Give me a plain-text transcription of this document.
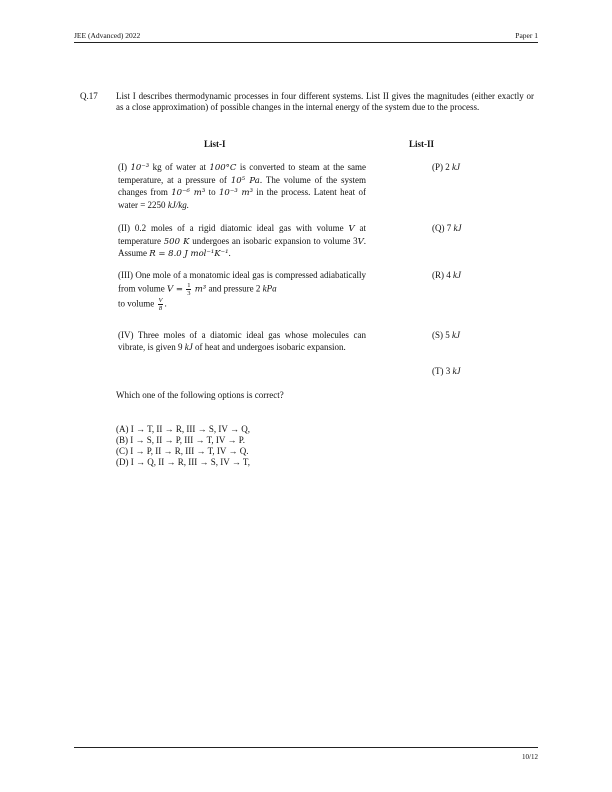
JEE (Advanced) 2022	Paper 1
Q.17 List I describes thermodynamic processes in four different systems. List II gives the magnitudes (either exactly or as a close approximation) of possible changes in the internal energy of the system due to the process.
List-I	List-II
(I) 10⁻³ kg of water at 100°C is converted to steam at the same temperature, at a pressure of 10⁵ Pa. The volume of the system changes from 10⁻⁶ m³ to 10⁻³ m³ in the process. Latent heat of water = 2250 kJ/kg.
(II) 0.2 moles of a rigid diatomic ideal gas with volume V at temperature 500 K undergoes an isobaric expansion to volume 3V. Assume R = 8.0 J mol⁻¹K⁻¹.
(III) One mole of a monatomic ideal gas is compressed adiabatically from volume $V = \frac{1}{3} m^3$ and pressure 2 kPa
to volume $\frac{V}{8}$ .
(IV) Three moles of a diatomic ideal gas whose molecules can vibrate, is given 9 kJ of heat and undergoes isobaric expansion.
(P) 2 kJ
(Q) 7 kJ
(R) 4 kJ
(S) 5 kJ
(T) 3 kJ
Which one of the following options is correct?
(A) I → T, II → R, III → S, IV → Q,
(B) I → S, II → P, III → T, IV → P.
(C) I → P, II → R, III → T, IV → Q.
(D) I → Q, II → R, III → S, IV → T,
10/12
